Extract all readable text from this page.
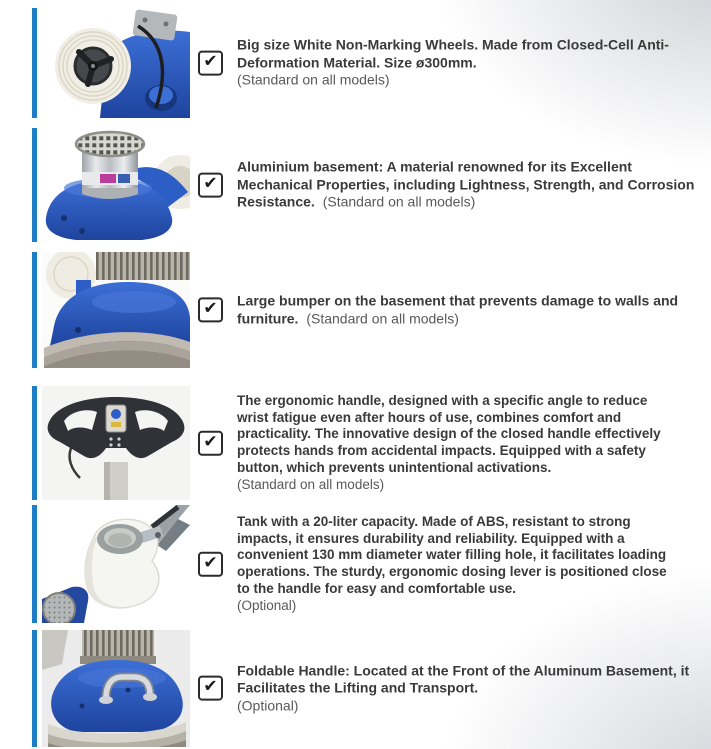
✔
Big size White Non-Marking Wheels. Made from Closed-Cell Anti-Deformation Material. Size ø300mm.
(Standard on all models)
✔
Aluminium basement: A material renowned for its Excellent Mechanical Properties, including Lightness, Strength, and Corrosion Resistance. (Standard on all models)
✔ Large bumper on the basement that prevents damage to walls and furniture. (Standard on all models)
✔
The ergonomic handle, designed with a specific angle to reduce wrist fatigue even after hours of use, combines comfort and practicality. The innovative design of the closed handle effectively protects hands from accidental impacts. Equipped with a safety button, which prevents unintentional activations.
(Standard on all models)
✔
Tank with a 20-liter capacity. Made of ABS, resistant to strong impacts, it ensures durability and reliability. Equipped with a convenient 130 mm diameter water filling hole, it facilitates loading operations. The sturdy, ergonomic dosing lever is positioned close to the handle for easy and comfortable use.
(Optional)
✔
Foldable Handle: Located at the Front of the Aluminum Basement, it Facilitates the Lifting and Transport.
(Optional)
